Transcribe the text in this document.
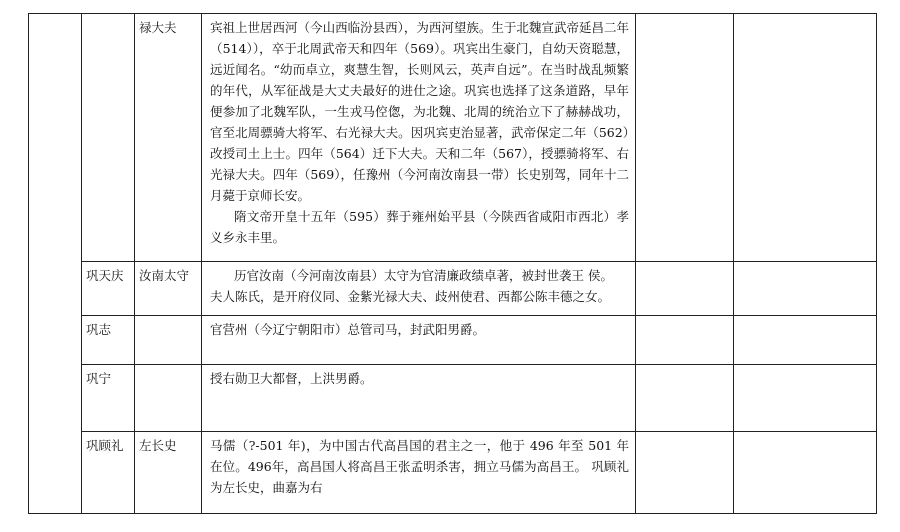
		禄大夫	宾祖上世居西河（今山西临汾县西），为西河望族。生于北魏宣武帝延昌二年（514）），卒于北周武帝天和四年（569）。巩宾出生豪门，自幼天资聪慧，远近闻名。“幼而卓立，爽慧生智，长则风云，英声自远”。在当时战乱频繁的年代，从军征战是大丈夫最好的进仕之途。巩宾也选择了这条道路，早年便参加了北魏军队，一生戎马倥偬，为北魏、北周的统治立下了赫赫战功，官至北周骠骑大将军、右光禄大夫。因巩宾吏治显著，武帝保定二年（562）改授司土上士。四年（564）迁下大夫。天和二年（567），授骠骑将军、右光禄大夫。四年（569），任豫州（今河南汝南县一带）长史别驾，同年十二月薨于京师长安。

隋文帝开皇十五年（595）葬于雍州始平县（今陕西省咸阳市西北）孝义乡永丰里。		

	巩天庆	汝南太守	历官汝南（今河南汝南县）太守为官清廉政绩卓著，被封世袭王 侯。

夫人陈氏，是开府仪同、金紫光禄大夫、歧州使君、西都公陈丰德之女。		

	巩志		官营州（今辽宁朝阳市）总管司马，封武阳男爵。		

	巩宁		授右勋卫大都督，上洪男爵。		

	巩顾礼	左长史	马儒（?-501 年)，为中国古代高昌国的君主之一，他于 496 年至 501 年在位。496年，高昌国人将高昌王张孟明杀害，拥立马儒为高昌王。 巩顾礼为左长史，曲嘉为右		
